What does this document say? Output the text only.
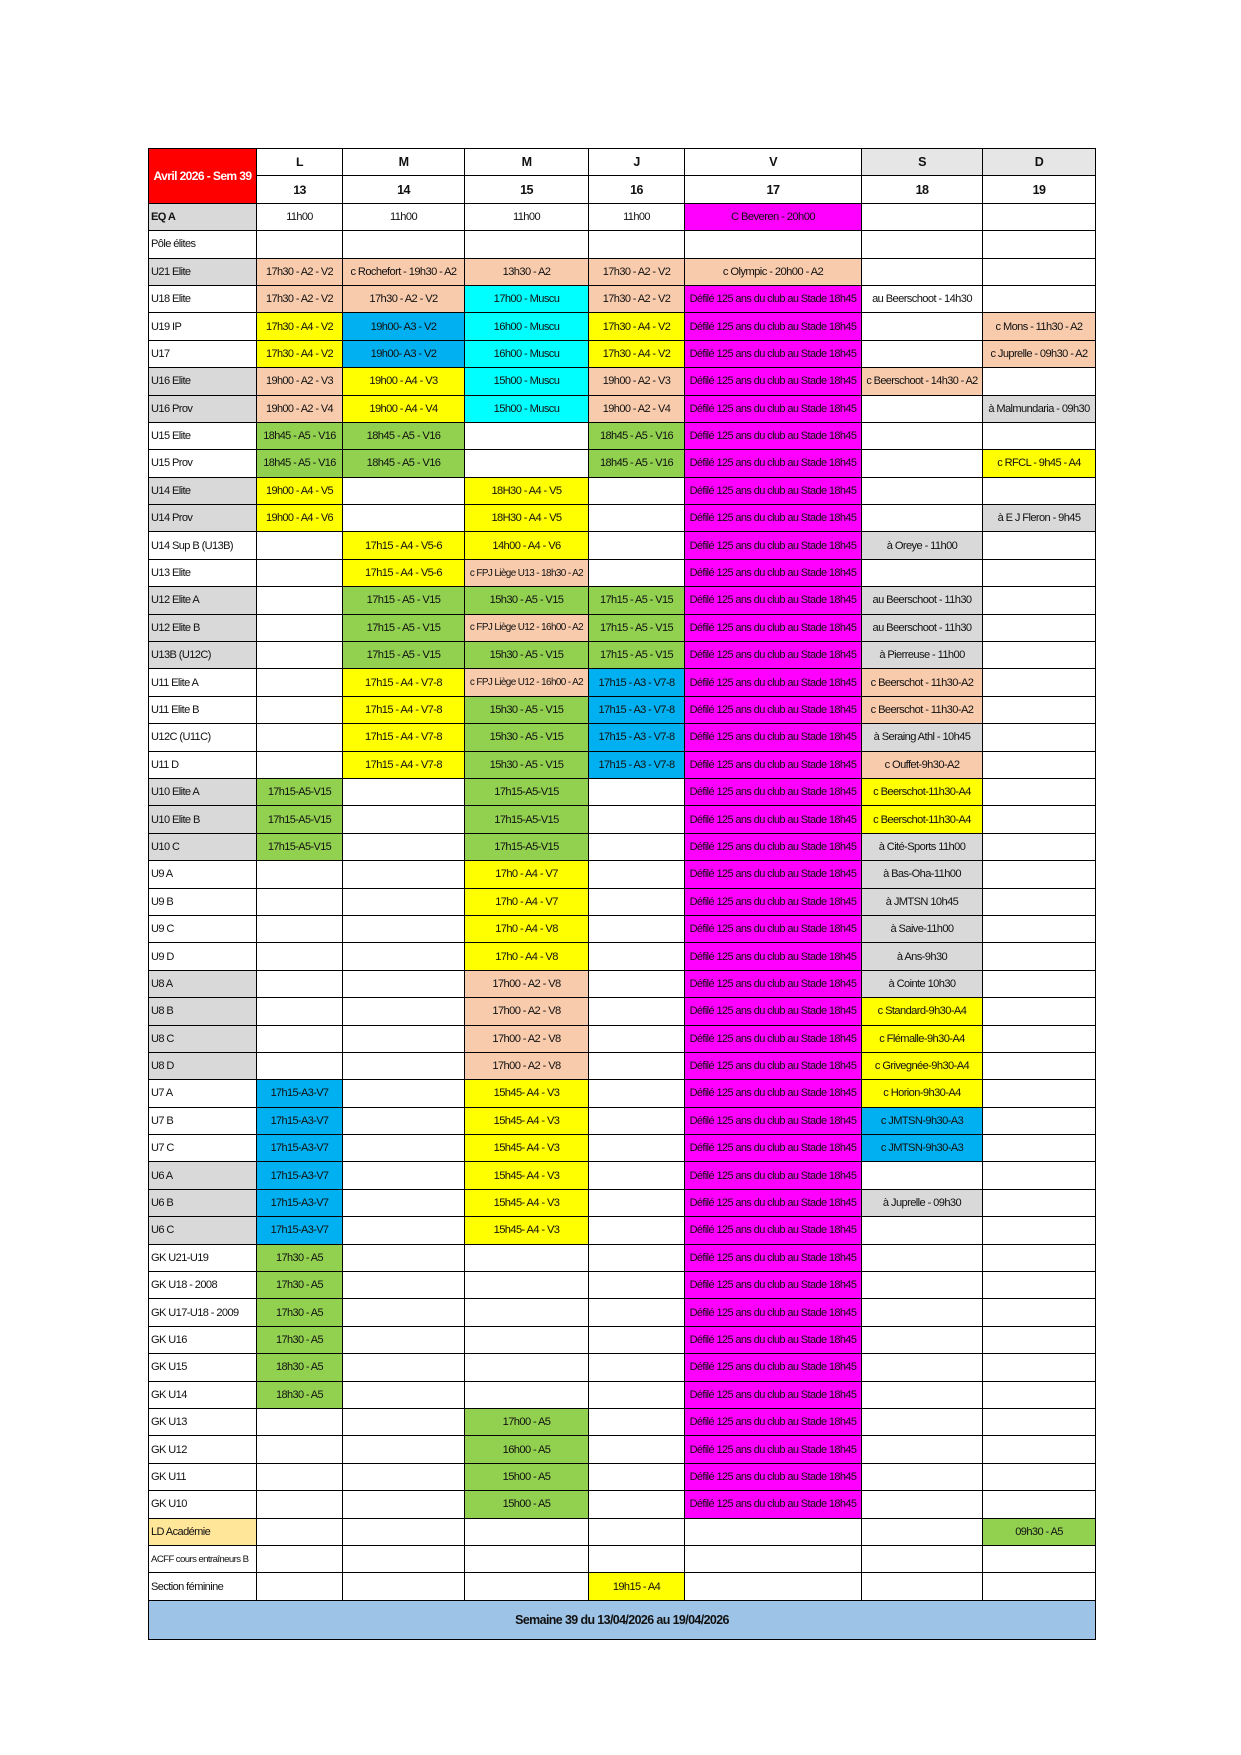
Avril 2026 - Sem 39	L	M	M	J	V	S	D
	13	14	15	16	17	18	19
EQ A	11h00	11h00	11h00	11h00	C Beveren - 20h00		
Pôle élites							
U21 Elite	17h30 - A2 - V2	c Rochefort - 19h30 - A2	13h30 - A2	17h30 - A2 - V2	c Olympic - 20h00 - A2		
U18 Elite	17h30 - A2 - V2	17h30 - A2 - V2	17h00 - Muscu	17h30 - A2 - V2	Défilé 125 ans du club au Stade 18h45	au Beerschoot - 14h30	
U19 IP	17h30 - A4 - V2	19h00- A3 - V2	16h00 - Muscu	17h30 - A4 - V2	Défilé 125 ans du club au Stade 18h45		c Mons - 11h30 - A2
U17	17h30 - A4 - V2	19h00- A3 - V2	16h00 - Muscu	17h30 - A4 - V2	Défilé 125 ans du club au Stade 18h45		c Juprelle - 09h30 - A2
U16 Elite	19h00 - A2 - V3	19h00 - A4 - V3	15h00 - Muscu	19h00 - A2 - V3	Défilé 125 ans du club au Stade 18h45	c Beerschoot - 14h30 - A2	
U16 Prov	19h00 - A2 - V4	19h00 - A4 - V4	15h00 - Muscu	19h00 - A2 - V4	Défilé 125 ans du club au Stade 18h45		à Malmundaria - 09h30
U15 Elite	18h45 - A5 - V16	18h45 - A5 - V16		18h45 - A5 - V16	Défilé 125 ans du club au Stade 18h45		
U15 Prov	18h45 - A5 - V16	18h45 - A5 - V16		18h45 - A5 - V16	Défilé 125 ans du club au Stade 18h45		c RFCL - 9h45 - A4
U14 Elite	19h00 - A4 - V5		18H30 - A4 - V5		Défilé 125 ans du club au Stade 18h45		
U14 Prov	19h00 - A4 - V6		18H30 - A4 - V5		Défilé 125 ans du club au Stade 18h45		à E J Fleron - 9h45
U14 Sup B (U13B)		17h15 - A4 - V5-6	14h00 - A4 - V6		Défilé 125 ans du club au Stade 18h45	à Oreye - 11h00	
U13 Elite		17h15 - A4 - V5-6	c FPJ Liège U13 - 18h30 - A2		Défilé 125 ans du club au Stade 18h45		
U12 Elite A		17h15 - A5 - V15	15h30 - A5 - V15	17h15 - A5 - V15	Défilé 125 ans du club au Stade 18h45	au Beerschoot - 11h30	
U12 Elite B		17h15 - A5 - V15	c FPJ Liège U12 - 16h00 - A2	17h15 - A5 - V15	Défilé 125 ans du club au Stade 18h45	au Beerschoot - 11h30	
U13B (U12C)		17h15 - A5 - V15	15h30 - A5 - V15	17h15 - A5 - V15	Défilé 125 ans du club au Stade 18h45	à Pierreuse - 11h00	
U11 Elite A		17h15 - A4 - V7-8	c FPJ Liège U12 - 16h00 - A2	17h15 - A3 - V7-8	Défilé 125 ans du club au Stade 18h45	c Beerschot - 11h30-A2	
U11 Elite B		17h15 - A4 - V7-8	15h30 - A5 - V15	17h15 - A3 - V7-8	Défilé 125 ans du club au Stade 18h45	c Beerschot - 11h30-A2	
U12C (U11C)		17h15 - A4 - V7-8	15h30 - A5 - V15	17h15 - A3 - V7-8	Défilé 125 ans du club au Stade 18h45	à Seraing Athl - 10h45	
U11 D		17h15 - A4 - V7-8	15h30 - A5 - V15	17h15 - A3 - V7-8	Défilé 125 ans du club au Stade 18h45	c Ouffet-9h30-A2	
U10 Elite A	17h15-A5-V15		17h15-A5-V15		Défilé 125 ans du club au Stade 18h45	c Beerschot-11h30-A4	
U10 Elite B	17h15-A5-V15		17h15-A5-V15		Défilé 125 ans du club au Stade 18h45	c Beerschot-11h30-A4	
U10 C	17h15-A5-V15		17h15-A5-V15		Défilé 125 ans du club au Stade 18h45	à Cité-Sports 11h00	
U9 A			17h0 - A4 - V7		Défilé 125 ans du club au Stade 18h45	à Bas-Oha-11h00	
U9 B			17h0 - A4 - V7		Défilé 125 ans du club au Stade 18h45	à JMTSN 10h45	
U9 C			17h0 - A4 - V8		Défilé 125 ans du club au Stade 18h45	à Saive-11h00	
U9 D			17h0 - A4 - V8		Défilé 125 ans du club au Stade 18h45	à Ans-9h30	
U8 A			17h00 - A2 - V8		Défilé 125 ans du club au Stade 18h45	à Cointe 10h30	
U8 B			17h00 - A2 - V8		Défilé 125 ans du club au Stade 18h45	c Standard-9h30-A4	
U8 C			17h00 - A2 - V8		Défilé 125 ans du club au Stade 18h45	c Flémalle-9h30-A4	
U8 D			17h00 - A2 - V8		Défilé 125 ans du club au Stade 18h45	c Grivegnée-9h30-A4	
U7 A	17h15-A3-V7		15h45- A4 - V3		Défilé 125 ans du club au Stade 18h45	c Horion-9h30-A4	
U7 B	17h15-A3-V7		15h45- A4 - V3		Défilé 125 ans du club au Stade 18h45	c JMTSN-9h30-A3	
U7 C	17h15-A3-V7		15h45- A4 - V3		Défilé 125 ans du club au Stade 18h45	c JMTSN-9h30-A3	
U6 A	17h15-A3-V7		15h45- A4 - V3		Défilé 125 ans du club au Stade 18h45		
U6 B	17h15-A3-V7		15h45- A4 - V3		Défilé 125 ans du club au Stade 18h45	à Juprelle - 09h30	
U6 C	17h15-A3-V7		15h45- A4 - V3		Défilé 125 ans du club au Stade 18h45		
GK U21-U19	17h30 - A5				Défilé 125 ans du club au Stade 18h45		
GK U18 - 2008	17h30 - A5				Défilé 125 ans du club au Stade 18h45		
GK U17-U18 - 2009	17h30 - A5				Défilé 125 ans du club au Stade 18h45		
GK U16	17h30 - A5				Défilé 125 ans du club au Stade 18h45		
GK U15	18h30 - A5				Défilé 125 ans du club au Stade 18h45		
GK U14	18h30 - A5				Défilé 125 ans du club au Stade 18h45		
GK U13			17h00 - A5		Défilé 125 ans du club au Stade 18h45		
GK U12			16h00 - A5		Défilé 125 ans du club au Stade 18h45		
GK U11			15h00 - A5		Défilé 125 ans du club au Stade 18h45		
GK U10			15h00 - A5		Défilé 125 ans du club au Stade 18h45		
LD Académie							09h30 - A5
ACFF cours entraîneurs B							
Section féminine				19h15 - A4			
Semaine 39 du 13/04/2026 au 19/04/2026							
